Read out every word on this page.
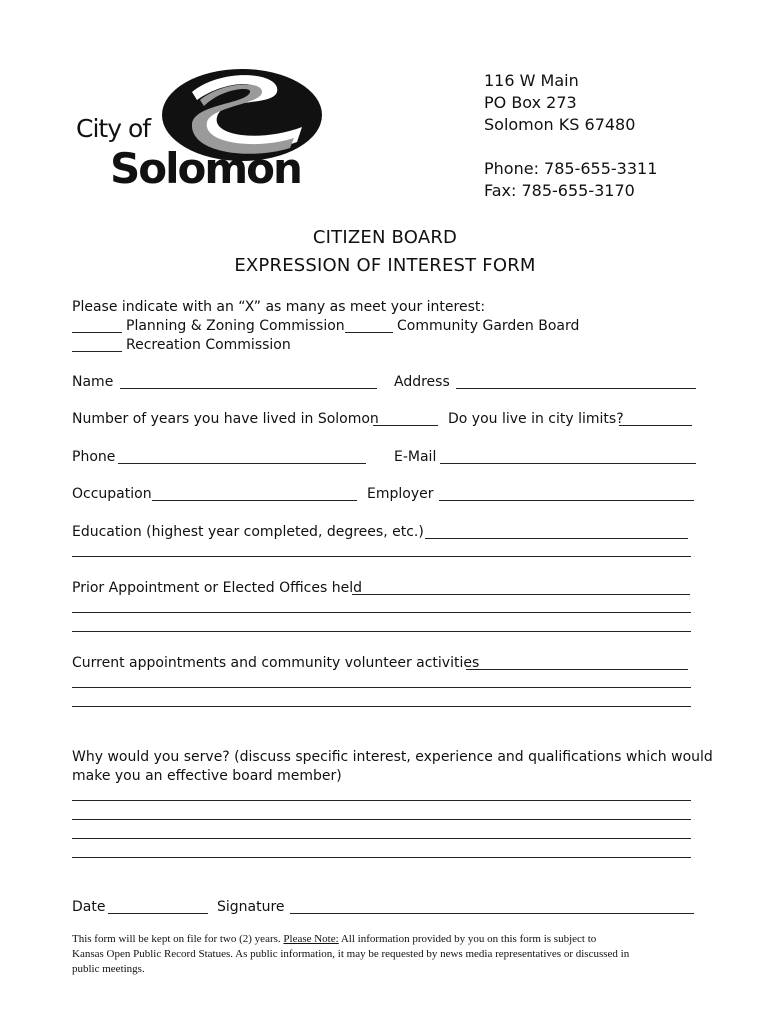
City of
Solomon
116 W Main
PO Box 273
Solomon KS 67480
Phone: 785-655-3311
Fax: 785-655-3170
CITIZEN BOARD
EXPRESSION OF INTEREST FORM
Please indicate with an “X” as many as meet your interest:
Planning & Zoning Commission	Community Garden Board
Recreation Commission
Name	Address
Number of years you have lived in Solomon	Do you live in city limits?
Phone	E-Mail
Occupation	Employer
Education (highest year completed, degrees, etc.)
Prior Appointment or Elected Offices held
Current appointments and community volunteer activities
Why would you serve? (discuss specific interest, experience and qualifications which would
make you an effective board member)
Date	Signature
This form will be kept on file for two (2) years. Please Note: All information provided by you on this form is subject to
Kansas Open Public Record Statues. As public information, it may be requested by news media representatives or discussed in
public meetings.
